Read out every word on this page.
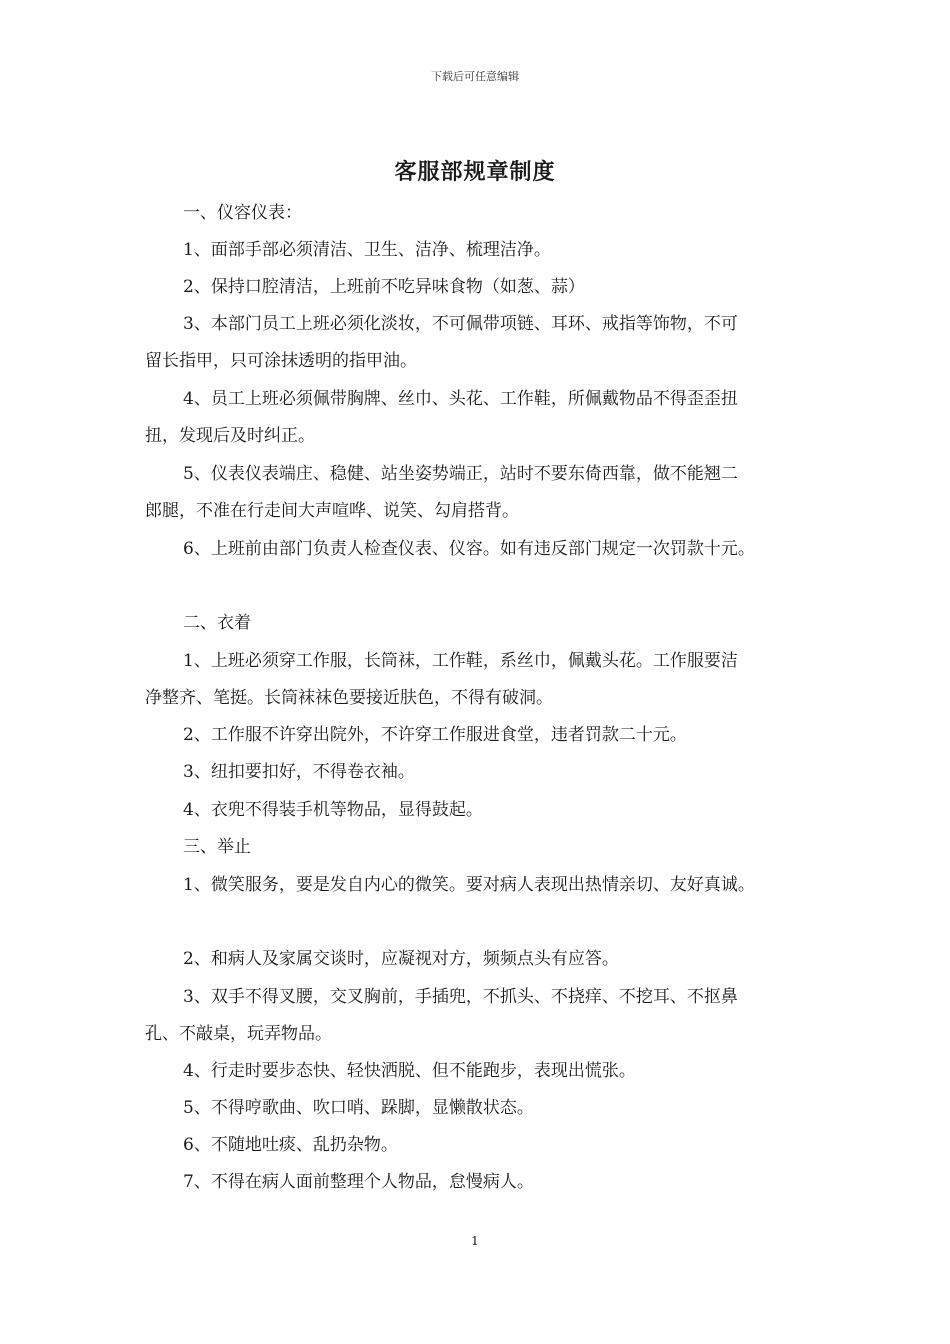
下载后可任意编辑
客服部规章制度
一、仪容仪表：
1、面部手部必须清洁、卫生、洁净、梳理洁净。
2、保持口腔清洁，上班前不吃异味食物（如葱、蒜）
3、本部门员工上班必须化淡妆，不可佩带项链、耳环、戒指等饰物，不可
留长指甲，只可涂抹透明的指甲油。
4、员工上班必须佩带胸牌、丝巾、头花、工作鞋，所佩戴物品不得歪歪扭
扭，发现后及时纠正。
5、仪表仪表端庄、稳健、站坐姿势端正，站时不要东倚西靠，做不能翘二
郎腿，不准在行走间大声喧哗、说笑、勾肩搭背。
6、上班前由部门负责人检查仪表、仪容。如有违反部门规定一次罚款十元。
二、衣着
1、上班必须穿工作服，长筒袜，工作鞋，系丝巾，佩戴头花。工作服要洁
净整齐、笔挺。长筒袜袜色要接近肤色，不得有破洞。
2、工作服不许穿出院外，不许穿工作服进食堂，违者罚款二十元。
3、纽扣要扣好，不得卷衣袖。
4、衣兜不得装手机等物品，显得鼓起。
三、举止
1、微笑服务，要是发自内心的微笑。要对病人表现出热情亲切、友好真诚。
2、和病人及家属交谈时，应凝视对方，频频点头有应答。
3、双手不得叉腰，交叉胸前，手插兜，不抓头、不挠痒、不挖耳、不抠鼻
孔、不敲桌，玩弄物品。
4、行走时要步态快、轻快洒脱、但不能跑步，表现出慌张。
5、不得哼歌曲、吹口哨、跺脚，显懒散状态。
6、不随地吐痰、乱扔杂物。
7、不得在病人面前整理个人物品，怠慢病人。
1
